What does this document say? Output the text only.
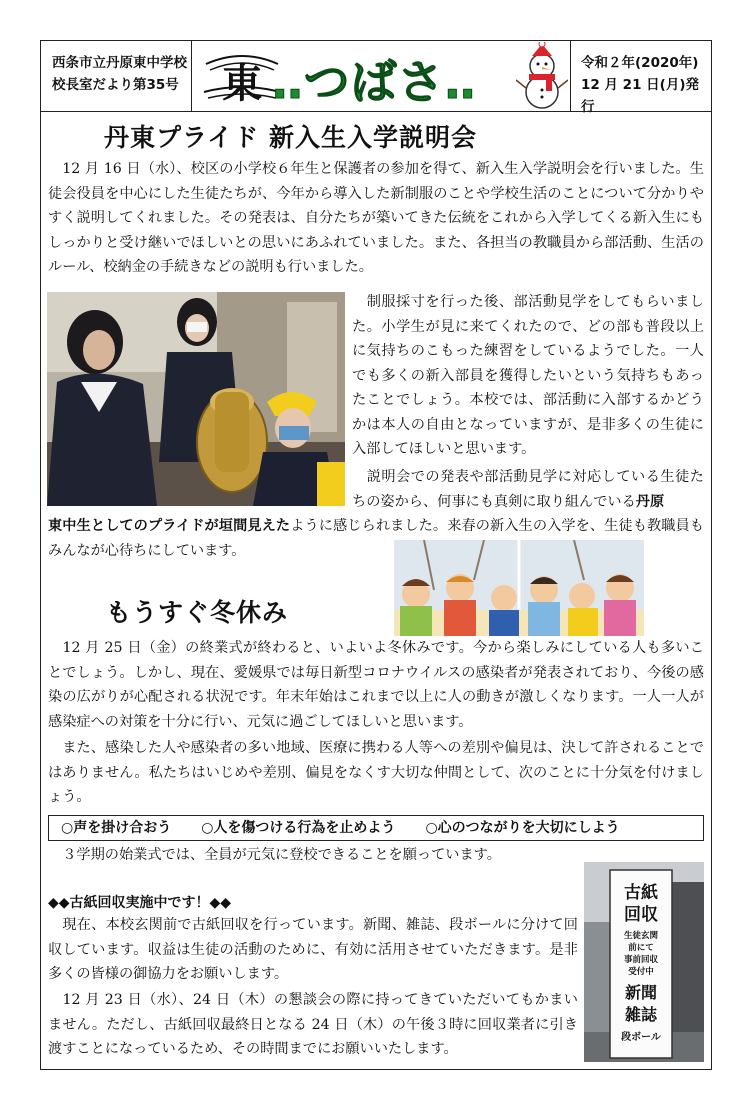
西条市立丹原東中学校
校長室だより第35号	東 ‥つばさ‥	令和２年(2020年)
12 月 21 日(月)発行
丹東プライド 新入生入学説明会

　12 月 16 日（水）、校区の小学校６年生と保護者の参加を得て、新入生入学説明会を行いました。生徒会役員を中心にした生徒たちが、今年から導入した新制服のことや学校生活のことについて分かりやすく説明してくれました。その発表は、自分たちが築いてきた伝統をこれから入学してくる新入生にもしっかりと受け継いでほしいとの思いにあふれていました。また、各担当の教職員から部活動、生活のルール、校納金の手続きなどの説明も行いました。

　制服採寸を行った後、部活動見学をしてもらいました。小学生が見に来てくれたので、どの部も普段以上に気持ちのこもった練習をしているようでした。一人でも多くの新入部員を獲得したいという気持ちもあったことでしょう。本校では、部活動に入部するかどうかは本人の自由となっていますが、是非多くの生徒に入部してほしいと思います。

　説明会での発表や部活動見学に対応している生徒たちの姿から、何事にも真剣に取り組んでいる丹原

東中生としてのプライドが垣間見えたように感じられました。来春の新入生の入学を、生徒も教職員もみんなが心待ちにしています。

もうすぐ冬休み

　12 月 25 日（金）の終業式が終わると、いよいよ冬休みです。今から楽しみにしている人も多いことでしょう。しかし、現在、愛媛県では毎日新型コロナウイルスの感染者が発表されており、今後の感染の広がりが心配される状況です。年末年始はこれまで以上に人の動きが激しくなります。一人一人が感染症への対策を十分に行い、元気に過ごしてほしいと思います。

　また、感染した人や感染者の多い地域、医療に携わる人等への差別や偏見は、決して許されることではありません。私たちはいじめや差別、偏見をなくす大切な仲間として、次のことに十分気を付けましょう。

○声を掛け合おう ○人を傷つける行為を止めよう ○心のつながりを大切にしよう

　３学期の始業式では、全員が元気に登校できることを願っています。

◆◆古紙回収実施中です！◆◆

　現在、本校玄関前で古紙回収を行っています。新聞、雑誌、段ボールに分けて回収しています。収益は生徒の活動のために、有効に活用させていただきます。是非多くの皆様の御協力をお願いします。

　12 月 23 日（水）、24 日（木）の懇談会の際に持ってきていただいてもかまいません。ただし、古紙回収最終日となる 24 日（木）の午後３時に回収業者に引き渡すことになっているため、その時間までにお願いいたします。

古紙
回収
生徒玄関
前にて
事前回収
受付中
新聞
雑誌
段ボール
